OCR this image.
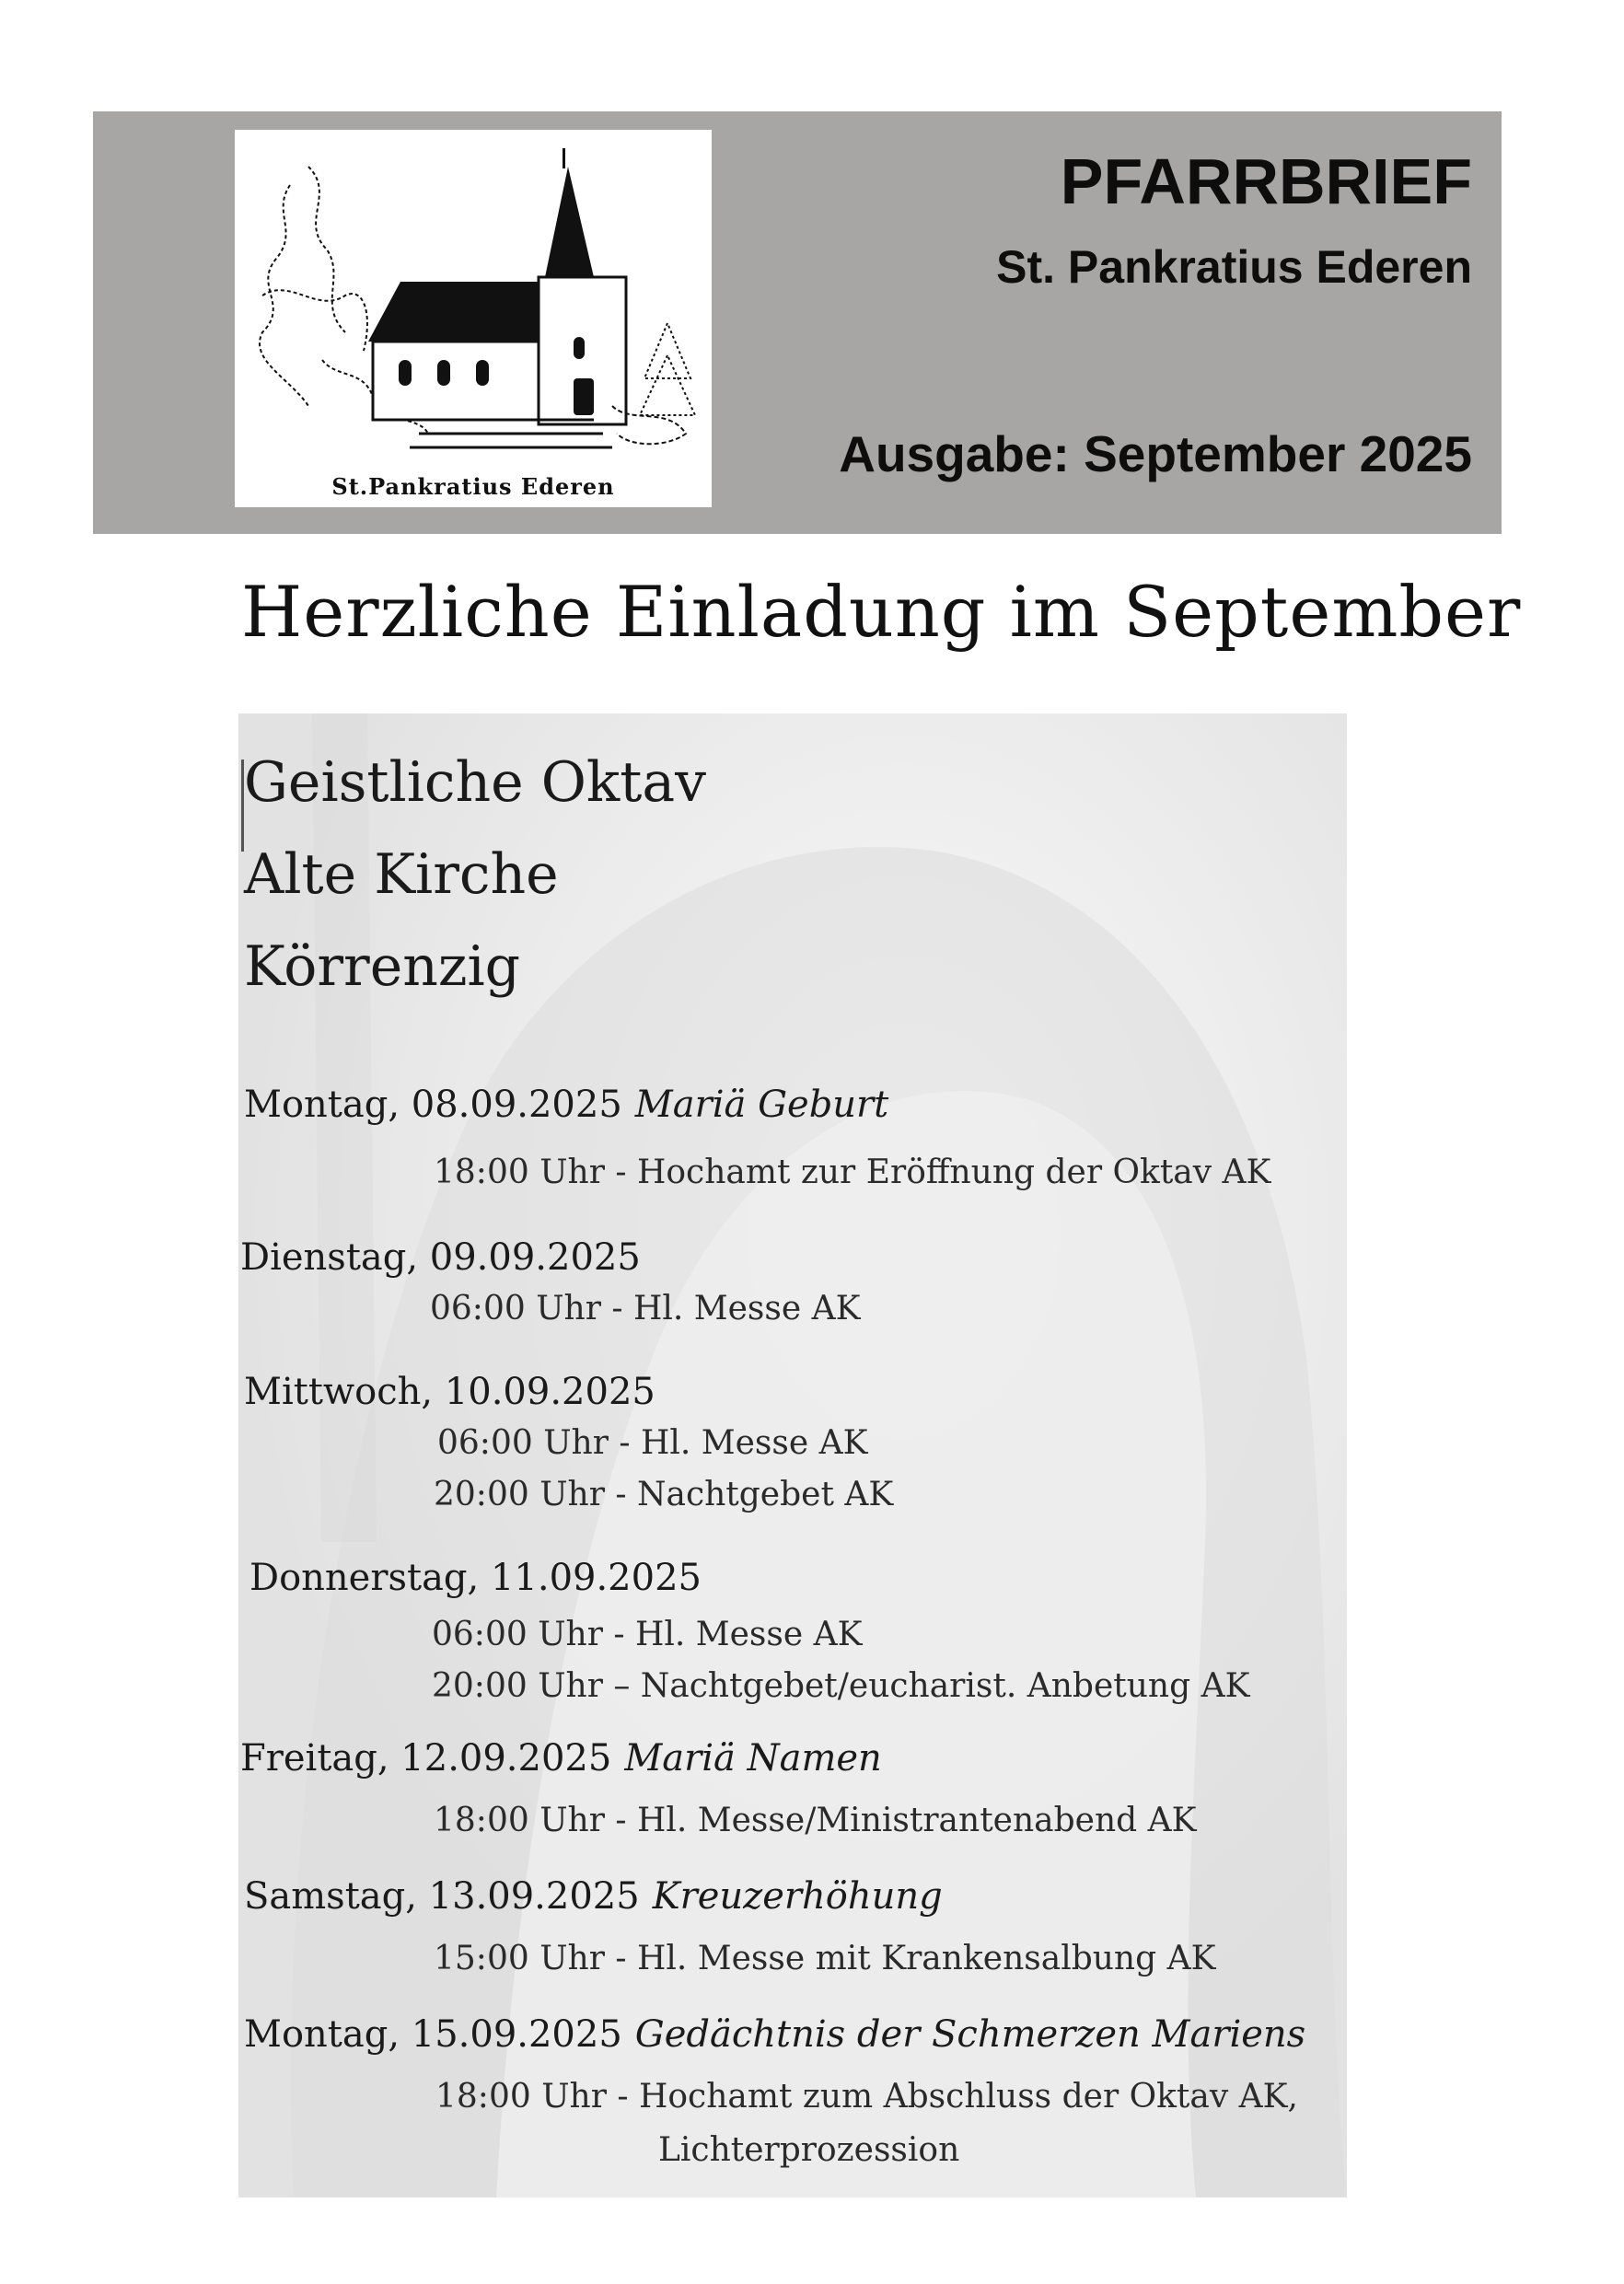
St.Pankratius Ederen
PFARRBRIEF
St. Pankratius Ederen
Ausgabe: September 2025
Herzliche Einladung im September
Geistliche Oktav
Alte Kirche
Körrenzig
Montag, 08.09.2025 Mariä Geburt
18:00 Uhr - Hochamt zur Eröffnung der Oktav AK
Dienstag, 09.09.2025
06:00 Uhr - Hl. Messe AK
Mittwoch, 10.09.2025
06:00 Uhr - Hl. Messe AK
20:00 Uhr - Nachtgebet AK
Donnerstag, 11.09.2025
06:00 Uhr - Hl. Messe AK
20:00 Uhr – Nachtgebet/eucharist. Anbetung AK
Freitag, 12.09.2025 Mariä Namen
18:00 Uhr - Hl. Messe/Ministrantenabend AK
Samstag, 13.09.2025 Kreuzerhöhung
15:00 Uhr - Hl. Messe mit Krankensalbung AK
Montag, 15.09.2025 Gedächtnis der Schmerzen Mariens
18:00 Uhr - Hochamt zum Abschluss der Oktav AK,
Lichterprozession
